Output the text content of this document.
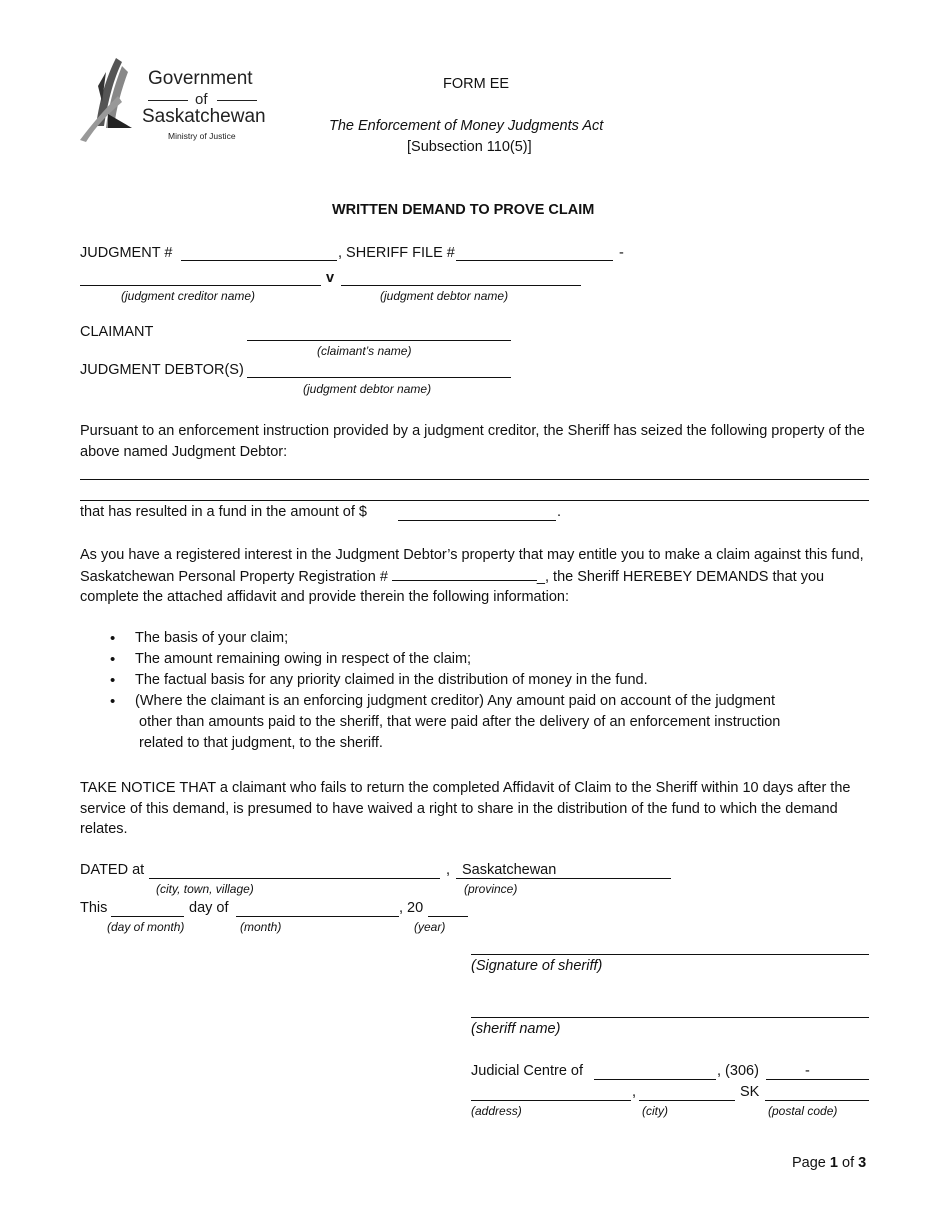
Government
of
Saskatchewan
Ministry of Justice
FORM EE
The Enforcement of Money Judgments Act
[Subsection 110(5)]
WRITTEN DEMAND TO PROVE CLAIM
JUDGMENT #	, SHERIFF FILE #	-
v
(judgment creditor name)	(judgment debtor name)
CLAIMANT
(claimant’s name)
JUDGMENT DEBTOR(S)
(judgment debtor name)
Pursuant to an enforcement instruction provided by a judgment creditor, the Sheriff has seized the following property of the above named Judgment Debtor:
that has resulted in a fund in the amount of $	.
As you have a registered interest in the Judgment Debtor’s property that may entitle you to make a claim against this fund, Saskatchewan Personal Property Registration #	_, the Sheriff HEREBEY DEMANDS that you complete the attached affidavit and provide therein the following information:
• The basis of your claim;
• The amount remaining owing in respect of the claim;
• The factual basis for any priority claimed in the distribution of money in the fund.
• (Where the claimant is an enforcing judgment creditor) Any amount paid on account of the judgment
other than amounts paid to the sheriff, that were paid after the delivery of an enforcement instruction
related to that judgment, to the sheriff.
TAKE NOTICE THAT a claimant who fails to return the completed Affidavit of Claim to the Sheriff within 10 days after the service of this demand, is presumed to have waived a right to share in the distribution of the fund to which the demand relates.
DATED at	, Saskatchewan
(city, town, village)	(province)
This	day of	, 20
(day of month)	(month)	(year)
(Signature of sheriff)
(sheriff name)
Judicial Centre of	, (306)	-
,	SK
(address)	(city)	(postal code)
Page 1 of 3
